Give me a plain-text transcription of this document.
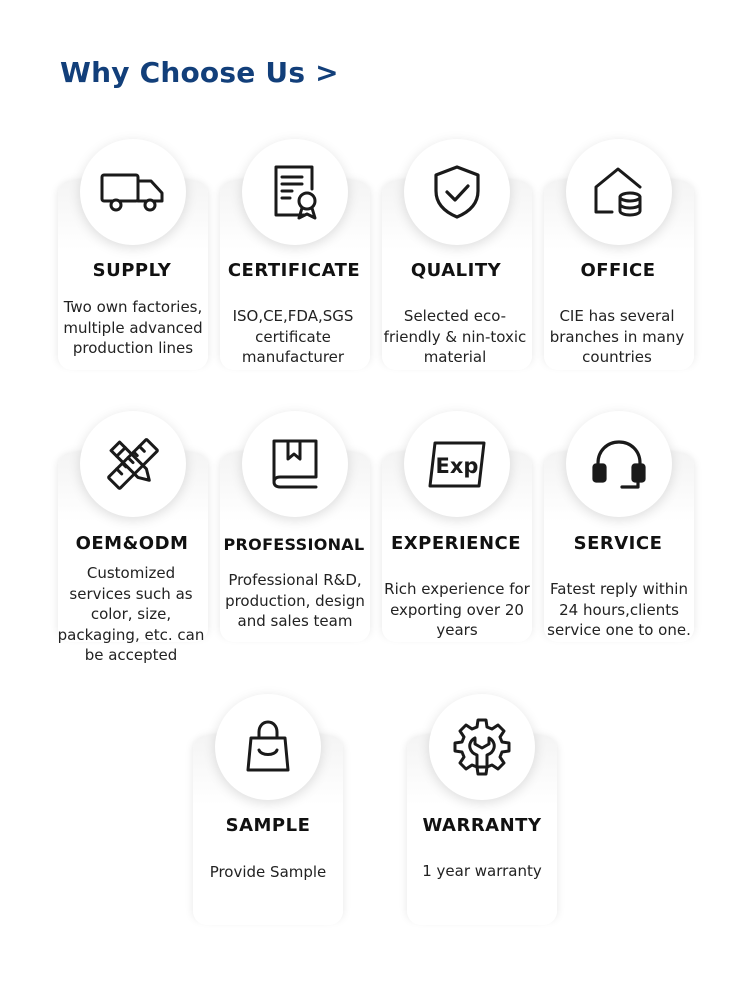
Why Choose Us >
SUPPLY	CERTIFICATE	QUALITY	OFFICE
Two own factories, multiple advanced production lines
ISO,CE,FDA,SGS certificate manufacturer
Selected eco-friendly & nin-toxic material
CIE has several branches in many countries
Exp
OEM&ODM	PROFESSIONAL	EXPERIENCE	SERVICE
Customized services such as color, size, packaging, etc. can be accepted
Professional R&D, production, design and sales team
Rich experience for exporting over 20 years
Fatest reply within 24 hours,clients service one to one.
SAMPLE	WARRANTY
Provide Sample	1 year warranty
